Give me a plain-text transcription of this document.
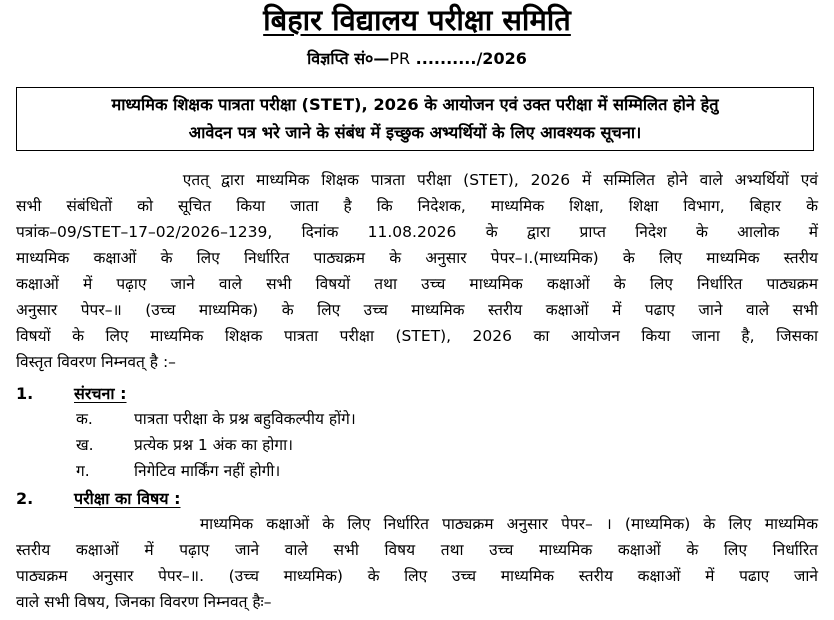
बिहार विद्यालय परीक्षा समिति
विज्ञप्ति सं०—PR ........../2026
माध्यमिक शिक्षक पात्रता परीक्षा (STET), 2026 के आयोजन एवं उक्त परीक्षा में सम्मिलित होने हेतु
आवेदन पत्र भरे जाने के संबंध में इच्छुक अभ्यर्थियों के लिए आवश्यक सूचना।
एतत् द्वारा माध्यमिक शिक्षक पात्रता परीक्षा (STET), 2026 में सम्मिलित होने वाले अभ्यर्थियों एवं
सभी संबंधितों को सूचित किया जाता है कि निदेशक, माध्यमिक शिक्षा, शिक्षा विभाग, बिहार के
पत्रांक–09/STET–17–02/2026–1239, दिनांक 11.08.2026 के द्वारा प्राप्त निदेश के आलोक में
माध्यमिक कक्षाओं के लिए निर्धारित पाठ्यक्रम के अनुसार पेपर–।.(माध्यमिक) के लिए माध्यमिक स्तरीय
कक्षाओं में पढ़ाए जाने वाले सभी विषयों तथा उच्च माध्यमिक कक्षाओं के लिए निर्धारित पाठ्यक्रम
अनुसार पेपर–॥ (उच्च माध्यमिक) के लिए उच्च माध्यमिक स्तरीय कक्षाओं में पढाए जाने वाले सभी
विषयों के लिए माध्यमिक शिक्षक पात्रता परीक्षा (STET), 2026 का आयोजन किया जाना है, जिसका
विस्तृत विवरण निम्नवत् है :–
1.	संरचना :
क.	पात्रता परीक्षा के प्रश्न बहुविकल्पीय होंगे।
ख.	प्रत्येक प्रश्न 1 अंक का होगा।
ग.	निगेटिव मार्किंग नहीं होगी।
2.	परीक्षा का विषय :
माध्यमिक कक्षाओं के लिए निर्धारित पाठ्यक्रम अनुसार पेपर– । (माध्यमिक) के लिए माध्यमिक
स्तरीय कक्षाओं में पढ़ाए जाने वाले सभी विषय तथा उच्च माध्यमिक कक्षाओं के लिए निर्धारित
पाठ्यक्रम अनुसार पेपर–॥. (उच्च माध्यमिक) के लिए उच्च माध्यमिक स्तरीय कक्षाओं में पढाए जाने
वाले सभी विषय, जिनका विवरण निम्नवत् हैः–
